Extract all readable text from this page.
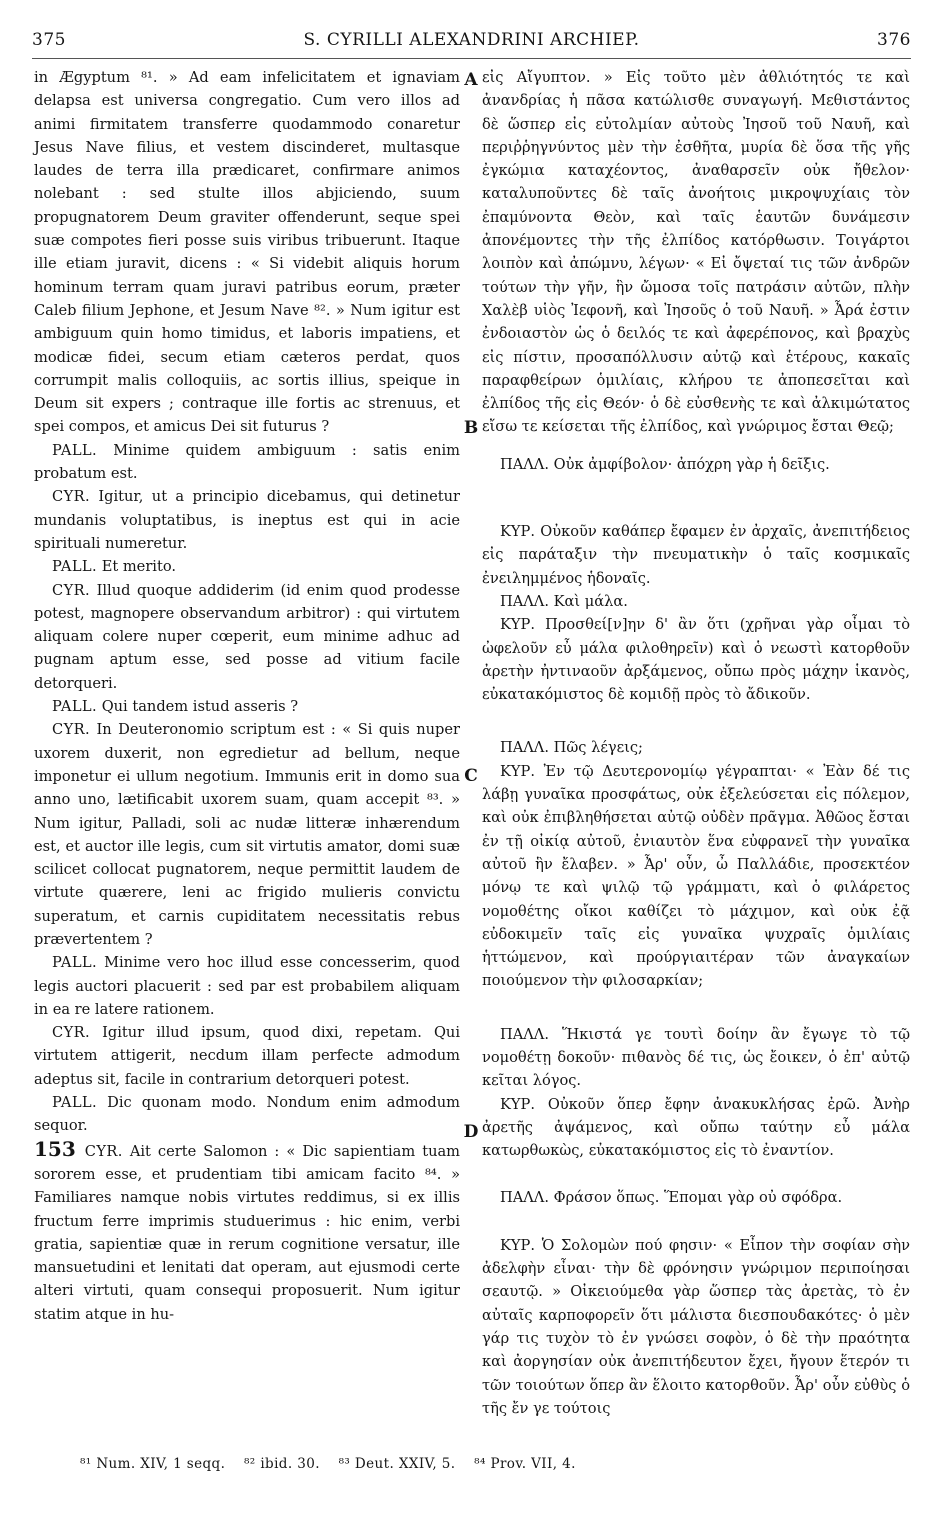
375	S. CYRILLI ALEXANDRINI ARCHIEP.	376
A
B
C
D

in Ægyptum ⁸¹. » Ad eam infelicitatem et ignaviam delapsa est universa congregatio. Cum vero illos ad animi firmitatem transferre quodammodo conaretur Jesus Nave filius, et vestem discinderet, multasque laudes de terra illa prædicaret, confirmare animos nolebant : sed stulte illos abjiciendo, suum propugnatorem Deum graviter offenderunt, seque spei suæ compotes fieri posse suis viribus tribuerunt. Itaque ille etiam juravit, dicens : « Si videbit aliquis horum hominum terram quam juravi patribus eorum, præter Caleb filium Jephone, et Jesum Nave ⁸². » Num igitur est ambiguum quin homo timidus, et laboris impatiens, et modicæ fidei, secum etiam cæteros perdat, quos corrumpit malis colloquiis, ac sortis illius, speique in Deum sit expers ; contraque ille fortis ac strenuus, et spei compos, et amicus Dei sit futurus ?

PALL. Minime quidem ambiguum : satis enim probatum est.

CYR. Igitur, ut a principio dicebamus, qui detinetur mundanis voluptatibus, is ineptus est qui in acie spirituali numeretur.

PALL. Et merito.

CYR. Illud quoque addiderim (id enim quod prodesse potest, magnopere observandum arbitror) : qui virtutem aliquam colere nuper cœperit, eum minime adhuc ad pugnam aptum esse, sed posse ad vitium facile detorqueri.

PALL. Qui tandem istud asseris ?

CYR. In Deuteronomio scriptum est : « Si quis nuper uxorem duxerit, non egredietur ad bellum, neque imponetur ei ullum negotium. Immunis erit in domo sua anno uno, lætificabit uxorem suam, quam accepit ⁸³. » Num igitur, Palladi, soli ac nudæ litteræ inhærendum est, et auctor ille legis, cum sit virtutis amator, domi suæ scilicet collocat pugnatorem, neque permittit laudem de virtute quærere, leni ac frigido mulieris convictu superatum, et carnis cupiditatem necessitatis rebus prævertentem ?

PALL. Minime vero hoc illud esse concesserim, quod legis auctori placuerit : sed par est probabilem aliquam in ea re latere rationem.

CYR. Igitur illud ipsum, quod dixi, repetam. Qui virtutem attigerit, necdum illam perfecte admodum adeptus sit, facile in contrarium detorqueri potest.

PALL. Dic quonam modo. Nondum enim admodum sequor.

153 CYR. Ait certe Salomon : « Dic sapientiam tuam sororem esse, et prudentiam tibi amicam facito ⁸⁴. » Familiares namque nobis virtutes reddimus, si ex illis fructum ferre imprimis studuerimus : hic enim, verbi gratia, sapientiæ quæ in rerum cognitione versatur, ille mansuetudini et lenitati dat operam, aut ejusmodi certe alteri virtuti, quam consequi proposuerit. Num igitur statim atque in hu-

εἰς Αἴγυπτον. » Εἰς τοῦτο μὲν ἀθλιότητός τε καὶ ἀνανδρίας ἡ πᾶσα κατώλισθε συναγωγή. Μεθιστάντος δὲ ὥσπερ εἰς εὐτολμίαν αὐτοὺς Ἰησοῦ τοῦ Ναυῆ, καὶ περιῤῥηγνύντος μὲν τὴν ἐσθῆτα, μυρία δὲ ὅσα τῆς γῆς ἐγκώμια καταχέοντος, ἀναθαρσεῖν οὐκ ἤθελον· καταλυποῦντες δὲ ταῖς ἀνοήτοις μικροψυχίαις τὸν ἐπαμύνοντα Θεὸν, καὶ ταῖς ἑαυτῶν δυνάμεσιν ἀπονέμοντες τὴν τῆς ἐλπίδος κατόρθωσιν. Τοιγάρτοι λοιπὸν καὶ ἀπώμνυ, λέγων· « Εἰ ὄψεταί τις τῶν ἀνδρῶν τούτων τὴν γῆν, ἣν ὤμοσα τοῖς πατράσιν αὐτῶν, πλὴν Χαλὲβ υἱὸς Ἰεφονῆ, καὶ Ἰησοῦς ὁ τοῦ Ναυῆ. » Ἆρά ἐστιν ἐνδοιαστὸν ὡς ὁ δειλός τε καὶ ἀφερέπονος, καὶ βραχὺς εἰς πίστιν, προσαπόλλυσιν αὐτῷ καὶ ἑτέρους, κακαῖς παραφθείρων ὁμιλίαις, κλήρου τε ἀποπεσεῖται καὶ ἐλπίδος τῆς εἰς Θεόν· ὁ δὲ εὐσθενὴς τε καὶ ἀλκιμώτατος εἴσω τε κείσεται τῆς ἐλπίδος, καὶ γνώριμος ἔσται Θεῷ;

ΠΑΛΛ. Οὐκ ἀμφίβολον· ἀπόχρη γὰρ ἡ δεῖξις.

ΚΥΡ. Οὐκοῦν καθάπερ ἔφαμεν ἐν ἀρχαῖς, ἀνεπιτήδειος εἰς παράταξιν τὴν πνευματικὴν ὁ ταῖς κοσμικαῖς ἐνειλημμένος ἡδοναῖς.

ΠΑΛΛ. Καὶ μάλα.

ΚΥΡ. Προσθεί[ν]ην δ' ἂν ὅτι (χρῆναι γὰρ οἶμαι τὸ ὠφελοῦν εὖ μάλα φιλοθηρεῖν) καὶ ὁ νεωστὶ κατορθοῦν ἀρετὴν ἠντιναοῦν ἀρξάμενος, οὔπω πρὸς μάχην ἱκανὸς, εὐκατακόμιστος δὲ κομιδῇ πρὸς τὸ ἄδικοῦν.

ΠΑΛΛ. Πῶς λέγεις;

ΚΥΡ. Ἐν τῷ Δευτερονομίῳ γέγραπται· « Ἐὰν δέ τις λάβῃ γυναῖκα προσφάτως, οὐκ ἐξελεύσεται εἰς πόλεμον, καὶ οὐκ ἐπιβληθήσεται αὐτῷ οὐδὲν πρᾶγμα. Ἀθῶος ἔσται ἐν τῇ οἰκίᾳ αὐτοῦ, ἐνιαυτὸν ἕνα εὐφρανεῖ τὴν γυναῖκα αὐτοῦ ἣν ἔλαβεν. » Ἆρ' οὖν, ὦ Παλλάδιε, προσεκτέον μόνῳ τε καὶ ψιλῷ τῷ γράμματι, καὶ ὁ φιλάρετος νομοθέτης οἴκοι καθίζει τὸ μάχιμον, καὶ οὐκ ἐᾷ εὐδοκιμεῖν ταῖς εἰς γυναῖκα ψυχραῖς ὁμιλίαις ἡττώμενον, καὶ προύργιαιτέραν τῶν ἀναγκαίων ποιούμενον τὴν φιλοσαρκίαν;

ΠΑΛΛ. Ἥκιστά γε τουτὶ δοίην ἂν ἔγωγε τὸ τῷ νομοθέτῃ δοκοῦν· πιθανὸς δέ τις, ὡς ἔοικεν, ὁ ἐπ' αὐτῷ κεῖται λόγος.

ΚΥΡ. Οὐκοῦν ὅπερ ἔφην ἀνακυκλήσας ἐρῶ. Ἀνὴρ ἀρετῆς ἀψάμενος, καὶ οὔπω ταύτην εὖ μάλα κατωρθωκὼς, εὐκατακόμιστος εἰς τὸ ἐναντίον.

ΠΑΛΛ. Φράσον ὅπως. Ἕπομαι γὰρ οὐ σφόδρα.

ΚΥΡ. Ὁ Σολομὼν πού φησιν· « Εἶπον τὴν σοφίαν σὴν ἀδελφὴν εἶναι· τὴν δὲ φρόνησιν γνώριμον περιποίησαι σεαυτῷ. » Οἰκειούμεθα γὰρ ὥσπερ τὰς ἀρετὰς, τὸ ἐν αὐταῖς καρποφορεῖν ὅτι μάλιστα διεσπουδακότες· ὁ μὲν γάρ τις τυχὸν τὸ ἐν γνώσει σοφὸν, ὁ δὲ τὴν πραότητα καὶ ἀοργησίαν οὐκ ἀνεπιτήδευτον ἔχει, ἤγουν ἕτερόν τι τῶν τοιούτων ὅπερ ἂν ἕλοιτο κατορθοῦν. Ἆρ' οὖν εὐθὺς ὁ τῆς ἔν γε τούτοις

⁸¹ Num. XIV, 1 seqq. ⁸² ibid. 30. ⁸³ Deut. XXIV, 5. ⁸⁴ Prov. VII, 4.
